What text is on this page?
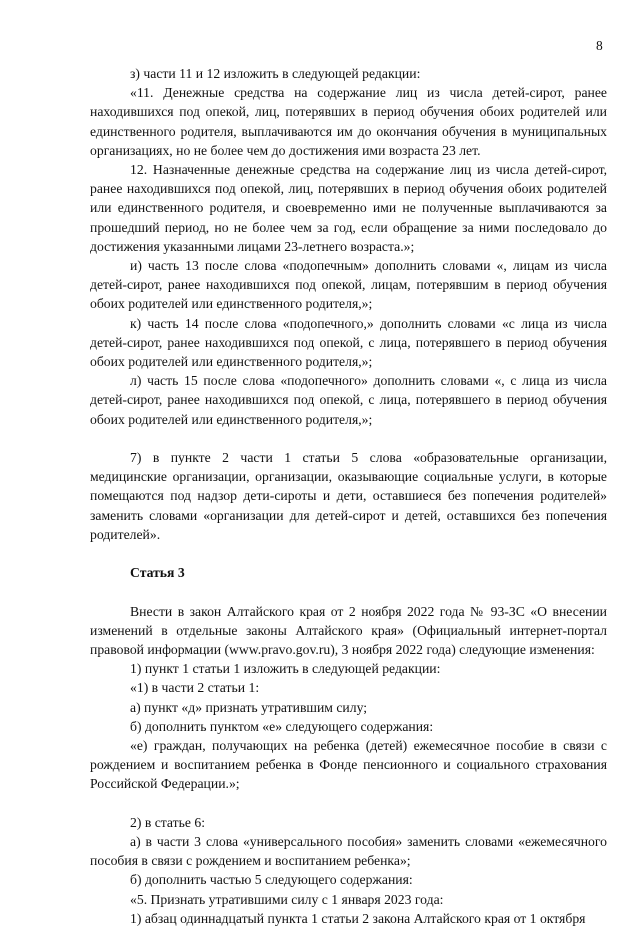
8

з) части 11 и 12 изложить в следующей редакции:

«11. Денежные средства на содержание лиц из числа детей-сирот, ранее находившихся под опекой, лиц, потерявших в период обучения обоих родителей или единственного родителя, выплачиваются им до окончания обучения в муниципальных организациях, но не более чем до достижения ими возраста 23 лет.

12. Назначенные денежные средства на содержание лиц из числа детей-сирот, ранее находившихся под опекой, лиц, потерявших в период обучения обоих родителей или единственного родителя, и своевременно ими не полученные выплачиваются за прошедший период, но не более чем за год, если обращение за ними последовало до достижения указанными лицами 23-летнего возраста.»;

и) часть 13 после слова «подопечным» дополнить словами «, лицам из числа детей-сирот, ранее находившихся под опекой, лицам, потерявшим в период обучения обоих родителей или единственного родителя,»;

к) часть 14 после слова «подопечного,» дополнить словами «с лица из числа детей-сирот, ранее находившихся под опекой, с лица, потерявшего в период обучения обоих родителей или единственного родителя,»;

л) часть 15 после слова «подопечного» дополнить словами «, с лица из числа детей-сирот, ранее находившихся под опекой, с лица, потерявшего в период обучения обоих родителей или единственного родителя,»;

7) в пункте 2 части 1 статьи 5 слова «образовательные организации, медицинские организации, организации, оказывающие социальные услуги, в которые помещаются под надзор дети-сироты и дети, оставшиеся без попечения родителей» заменить словами «организации для детей-сирот и детей, оставшихся без попечения родителей».

Статья 3

Внести в закон Алтайского края от 2 ноября 2022 года № 93-ЗС «О внесении изменений в отдельные законы Алтайского края» (Официальный интернет-портал правовой информации (www.pravo.gov.ru), 3 ноября 2022 года) следующие изменения:

1) пункт 1 статьи 1 изложить в следующей редакции:

«1) в части 2 статьи 1:

а) пункт «д» признать утратившим силу;

б) дополнить пунктом «е» следующего содержания:

«е) граждан, получающих на ребенка (детей) ежемесячное пособие в связи с рождением и воспитанием ребенка в Фонде пенсионного и социального страхования Российской Федерации.»;

2) в статье 6:

а) в части 3 слова «универсального пособия» заменить словами «ежемесячного пособия в связи с рождением и воспитанием ребенка»;

б) дополнить частью 5 следующего содержания:

«5. Признать утратившими силу с 1 января 2023 года:

1) абзац одиннадцатый пункта 1 статьи 2 закона Алтайского края от 1 октября
